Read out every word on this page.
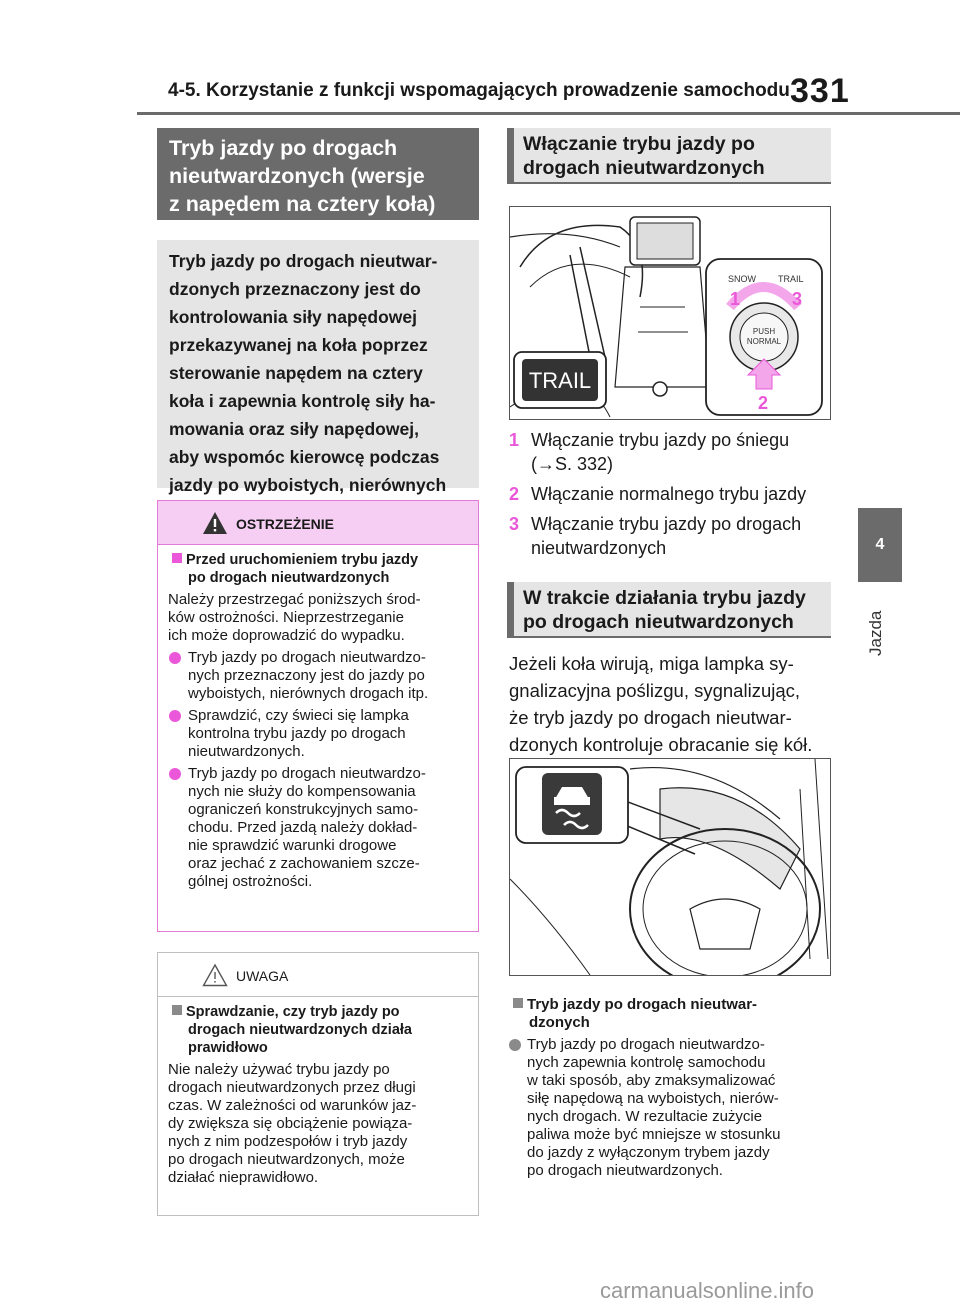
4-5. Korzystanie z funkcji wspomagających prowadzenie samochodu 331
4
Jazda
Tryb jazdy po drogach
nieutwardzonych (wersje
z napędem na cztery koła)
Tryb jazdy po drogach nieutwar-
dzonych przeznaczony jest do
kontrolowania siły napędowej
przekazywanej na koła poprzez
sterowanie napędem na cztery
koła i zapewnia kontrolę siły ha-
mowania oraz siły napędowej,
aby wspomóc kierowcę podczas
jazdy po wyboistych, nierównych
OSTRZEŻENIE
Przed uruchomieniem trybu jazdy
po drogach nieutwardzonych
Należy przestrzegać poniższych środ-
ków ostrożności. Nieprzestrzeganie
ich może doprowadzić do wypadku.
Tryb jazdy po drogach nieutwardzo-
nych przeznaczony jest do jazdy po
wyboistych, nierównych drogach itp.
Sprawdzić, czy świeci się lampka
kontrolna trybu jazdy po drogach
nieutwardzonych.
Tryb jazdy po drogach nieutwardzo-
nych nie służy do kompensowania
ograniczeń konstrukcyjnych samo-
chodu. Przed jazdą należy dokład-
nie sprawdzić warunki drogowe
oraz jechać z zachowaniem szcze-
gólnej ostrożności.
UWAGA
Sprawdzanie, czy tryb jazdy po
drogach nieutwardzonych działa
prawidłowo
Nie należy używać trybu jazdy po
drogach nieutwardzonych przez długi
czas. W zależności od warunków jaz-
dy zwiększa się obciążenie powiąza-
nych z nim podzespołów i tryb jazdy
po drogach nieutwardzonych, może
działać nieprawidłowo.
Włączanie trybu jazdy po
drogach nieutwardzonych
TRAIL
SNOW TRAIL
1	3
PUSH
NORMAL
2
1 Włączanie trybu jazdy po śniegu
(→S. 332)
2 Włączanie normalnego trybu jazdy
3 Włączanie trybu jazdy po drogach
nieutwardzonych
W trakcie działania trybu jazdy
po drogach nieutwardzonych
Jeżeli koła wirują, miga lampka sy-
gnalizacyjna poślizgu, sygnalizując,
że tryb jazdy po drogach nieutwar-
dzonych kontroluje obracanie się kół.
Tryb jazdy po drogach nieutwar-
dzonych
Tryb jazdy po drogach nieutwardzo-
nych zapewnia kontrolę samochodu
w taki sposób, aby zmaksymalizować
siłę napędową na wyboistych, nierów-
nych drogach. W rezultacie zużycie
paliwa może być mniejsze w stosunku
do jazdy z wyłączonym trybem jazdy
po drogach nieutwardzonych.
carmanualsonline.info
